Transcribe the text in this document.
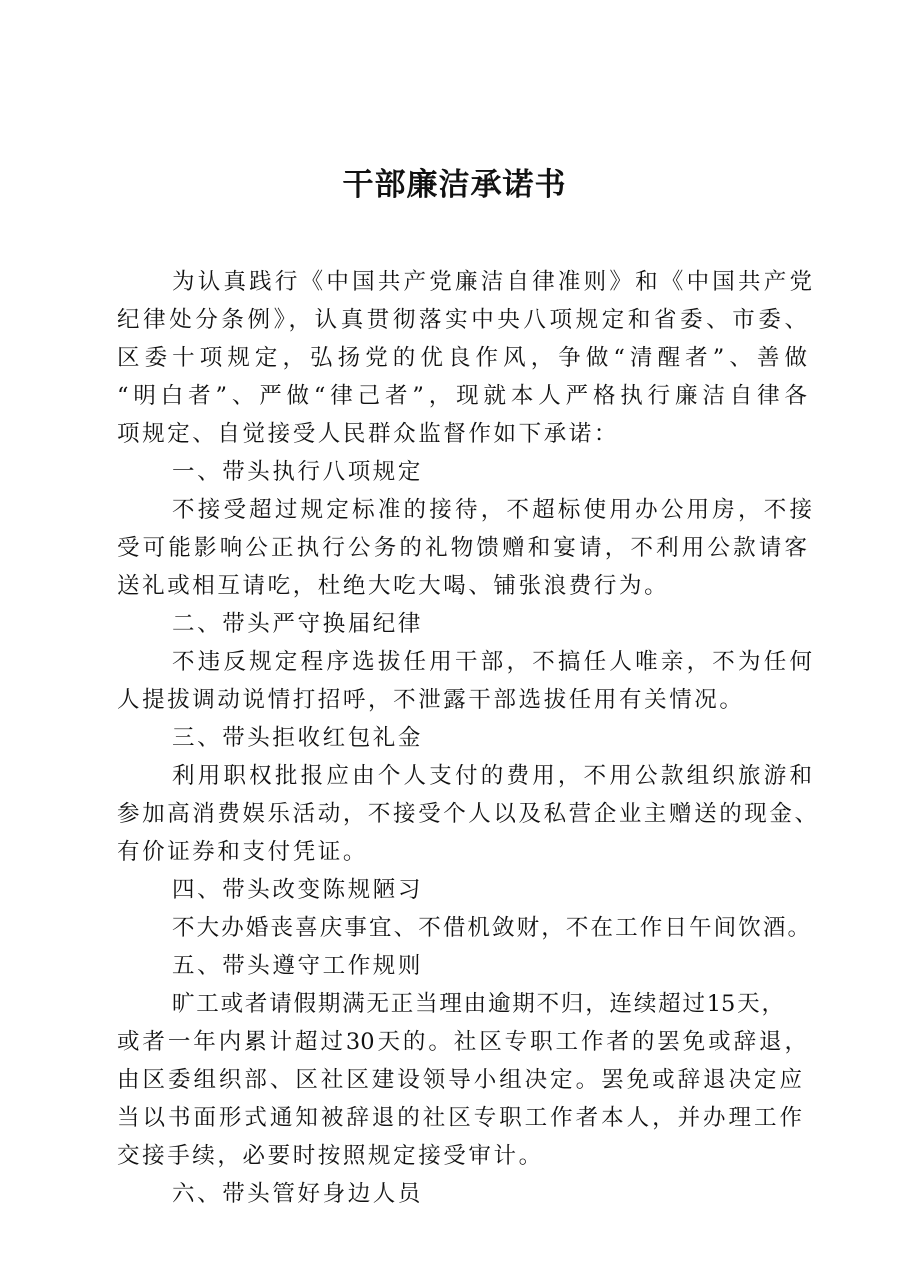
干部廉洁承诺书
为认真践行《中国共产党廉洁自律准则》和《中国共产党
纪律处分条例》，认真贯彻落实中央八项规定和省委、市委、
区委十项规定，弘扬党的优良作风，争做“清醒者”、善做
“明白者”、严做“律己者”，现就本人严格执行廉洁自律各
项规定、自觉接受人民群众监督作如下承诺：
一、带头执行八项规定
不接受超过规定标准的接待，不超标使用办公用房，不接
受可能影响公正执行公务的礼物馈赠和宴请，不利用公款请客
送礼或相互请吃，杜绝大吃大喝、铺张浪费行为。
二、带头严守换届纪律
不违反规定程序选拔任用干部，不搞任人唯亲，不为任何
人提拔调动说情打招呼，不泄露干部选拔任用有关情况。
三、带头拒收红包礼金
利用职权批报应由个人支付的费用，不用公款组织旅游和
参加高消费娱乐活动，不接受个人以及私营企业主赠送的现金、
有价证券和支付凭证。
四、带头改变陈规陋习
不大办婚丧喜庆事宜、不借机敛财，不在工作日午间饮酒。
五、带头遵守工作规则
旷工或者请假期满无正当理由逾期不归，连续超过15天，
或者一年内累计超过30天的。社区专职工作者的罢免或辞退，
由区委组织部、区社区建设领导小组决定。罢免或辞退决定应
当以书面形式通知被辞退的社区专职工作者本人，并办理工作
交接手续，必要时按照规定接受审计。
六、带头管好身边人员
